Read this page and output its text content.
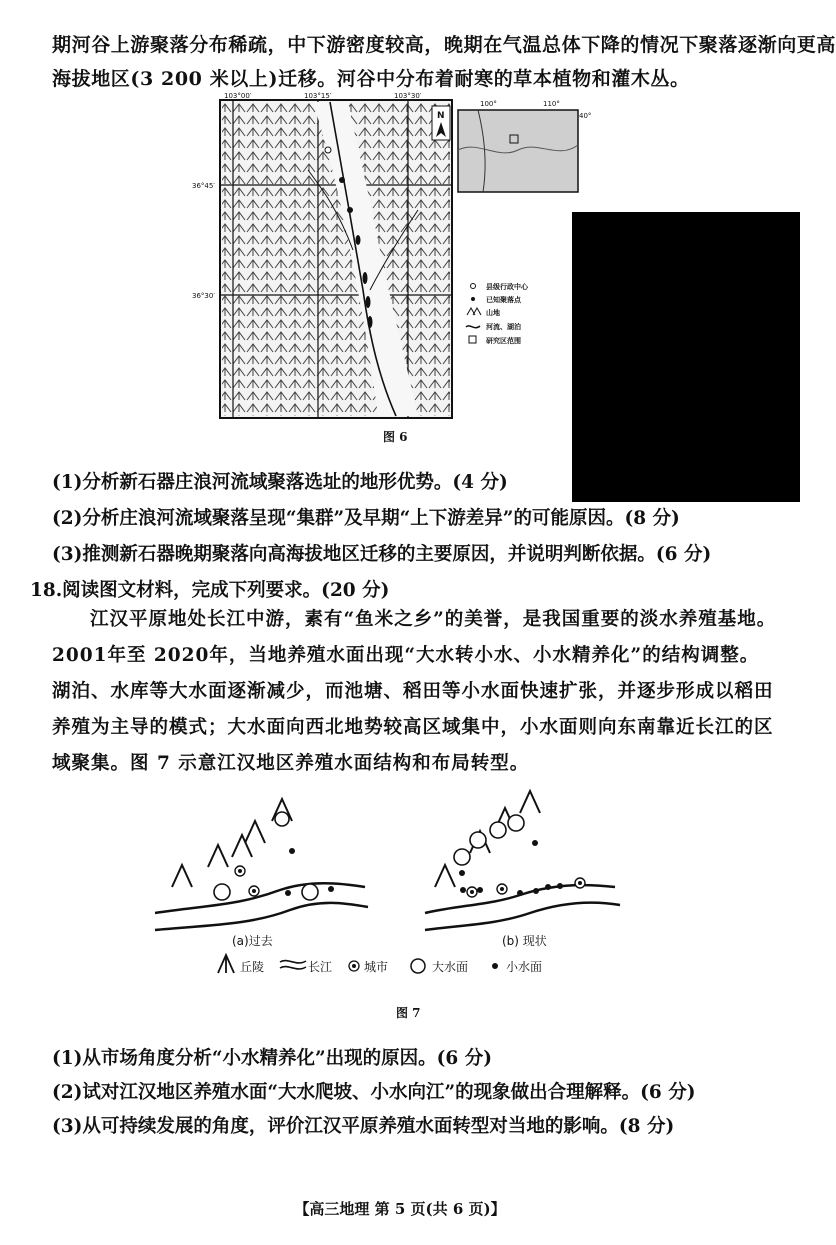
期河谷上游聚落分布稀疏，中下游密度较高，晚期在气温总体下降的情况下聚落逐渐向更高
海拔地区(3 200 米以上)迁移。河谷中分布着耐寒的草本植物和灌木丛。
103°00′	103°15′	103°30′
36°45′
36°30′
N
100°	110°
40°
县级行政中心
已知聚落点
山地
河流、湖泊
研究区范围
图 6
(1)分析新石器庄浪河流域聚落选址的地形优势。(4 分)
(2)分析庄浪河流域聚落呈现“集群”及早期“上下游差异”的可能原因。(8 分)
(3)推测新石器晚期聚落向高海拔地区迁移的主要原因，并说明判断依据。(6 分)
18.阅读图文材料，完成下列要求。(20 分)
江汉平原地处长江中游，素有“鱼米之乡”的美誉，是我国重要的淡水养殖基地。2001年至 2020年，当地养殖水面出现“大水转小水、小水精养化”的结构调整。湖泊、水库等大水面逐渐减少，而池塘、稻田等小水面快速扩张，并逐步形成以稻田养殖为主导的模式；大水面向西北地势较高区域集中，小水面则向东南靠近长江的区域聚集。图 7 示意江汉地区养殖水面结构和布局转型。
(a)过去	(b) 现状
丘陵	长江	城市	大水面	小水面
图 7
(1)从市场角度分析“小水精养化”出现的原因。(6 分)
(2)试对江汉地区养殖水面“大水爬坡、小水向江”的现象做出合理解释。(6 分)
(3)从可持续发展的角度，评价江汉平原养殖水面转型对当地的影响。(8 分)
【高三地理 第 5 页(共 6 页)】
